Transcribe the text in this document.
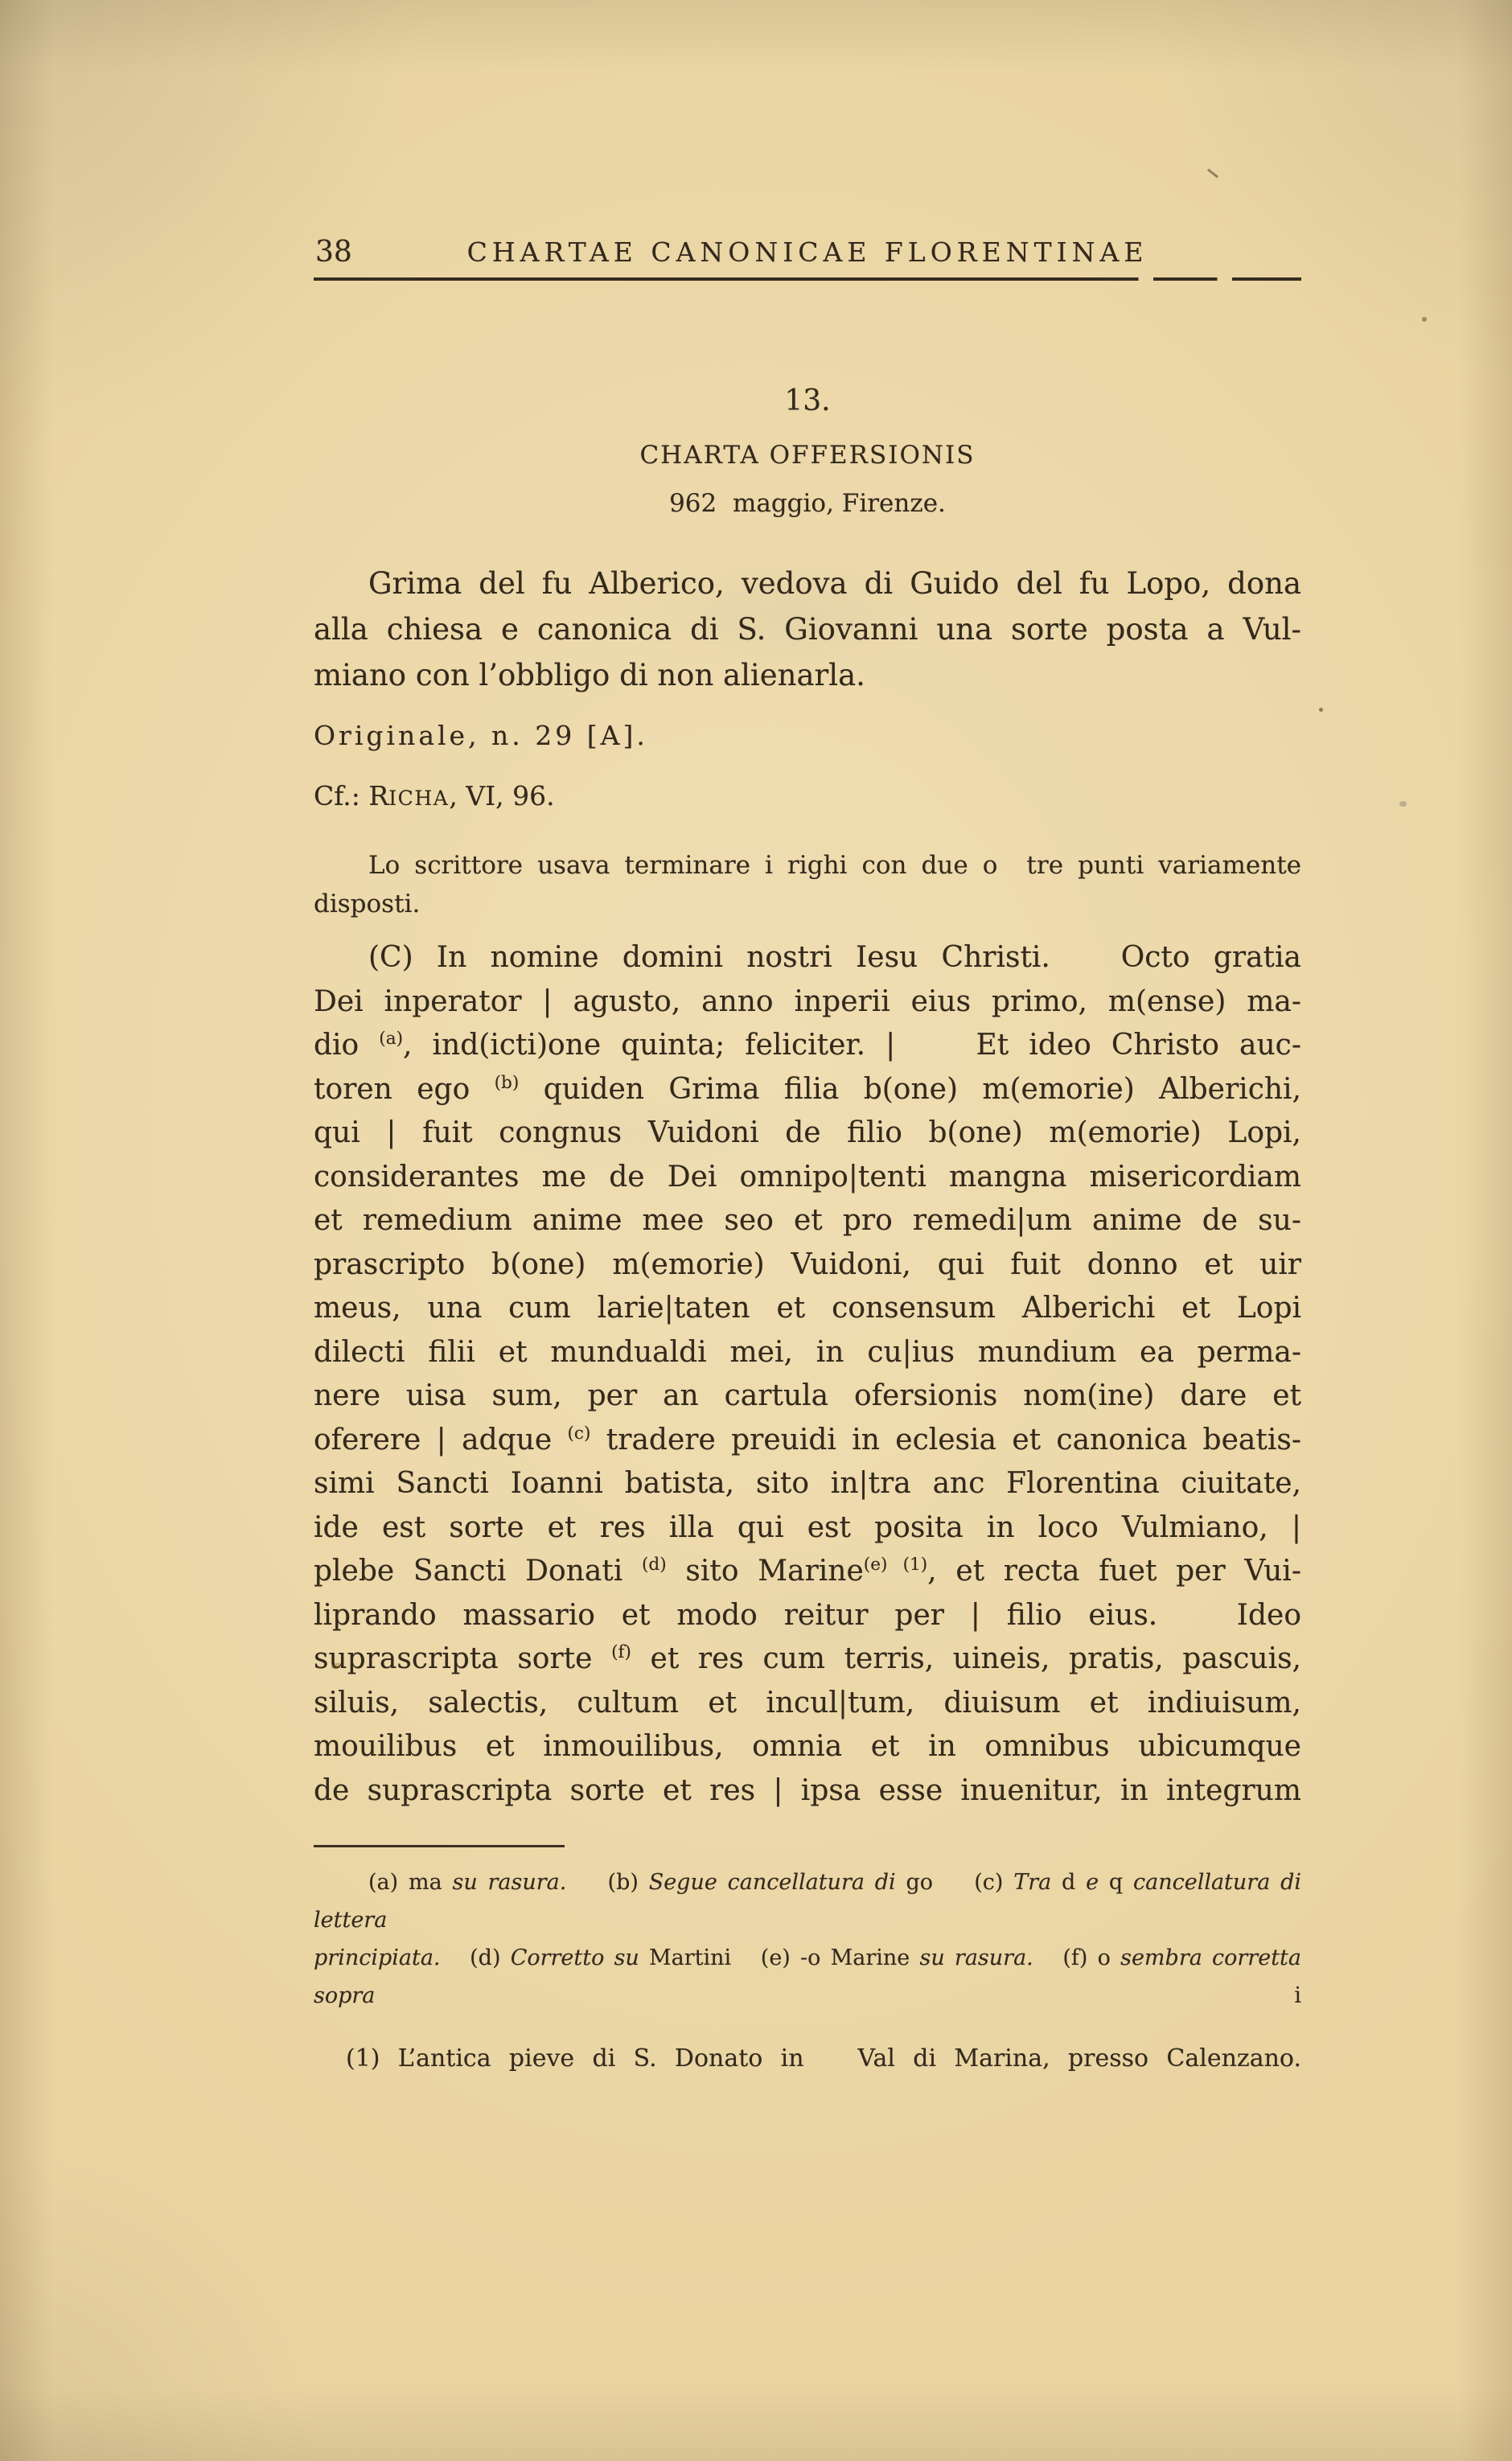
38	CHARTAE CANONICAE FLORENTINAE
13.
CHARTA OFFERSIONIS
962  maggio, Firenze.
Grima del fu Alberico, vedova di Guido del fu Lopo, dona
alla chiesa e canonica di S. Giovanni una sorte posta a Vul-
miano con l’obbligo di non alienarla.
Originale, n. 29 [A].
Cf.: RICHA, VI, 96.
Lo scrittore usava terminare i righi con due o  tre punti variamente
disposti.
(C) In nomine domini nostri Iesu Christi.   Octo gratia
Dei inperator | agusto, anno inperii eius primo, m(ense) ma-
dio $^{(a)}$, ind(icti)one quinta; feliciter. |    Et ideo Christo auc-
toren ego $^{(b)}$ quiden Grima filia b(one) m(emorie) Alberichi,
qui | fuit congnus Vuidoni de filio b(one) m(emorie) Lopi,
considerantes me de Dei omnipo|tenti mangna misericordiam
et remedium anime mee seo et pro remedi|um anime de su-
prascripto b(one) m(emorie) Vuidoni, qui fuit donno et uir
meus, una cum larie|taten et consensum Alberichi et Lopi
dilecti filii et mundualdi mei, in cu|ius mundium ea perma-
nere uisa sum, per an cartula ofersionis nom(ine) dare et
oferere | adque $^{(c)}$ tradere preuidi in eclesia et canonica beatis-
simi Sancti Ioanni batista, sito in|tra anc Florentina ciuitate,
ide est sorte et res illa qui est posita in loco Vulmiano, |
plebe Sancti Donati $^{(d)}$ sito Marine$^{(e) (1)}$, et recta fuet per Vui-
liprando massario et modo reitur per | filio eius.   Ideo
suprascripta sorte $^{(f)}$ et res cum terris, uineis, pratis, pascuis,
siluis, salectis, cultum et incul|tum, diuisum et indiuisum,
mouilibus et inmouilibus, omnia et in omnibus ubicumque
de suprascripta sorte et res | ipsa esse inuenitur, in integrum
(a) ma su rasura.    (b) Segue cancellatura di go    (c) Tra d e q cancellatura di lettera
principiata.   (d) Corretto su Martini   (e) -o Marine su rasura.   (f) o sembra corretta sopra i
(1) L’antica pieve di S. Donato in   Val di Marina, presso Calenzano.
